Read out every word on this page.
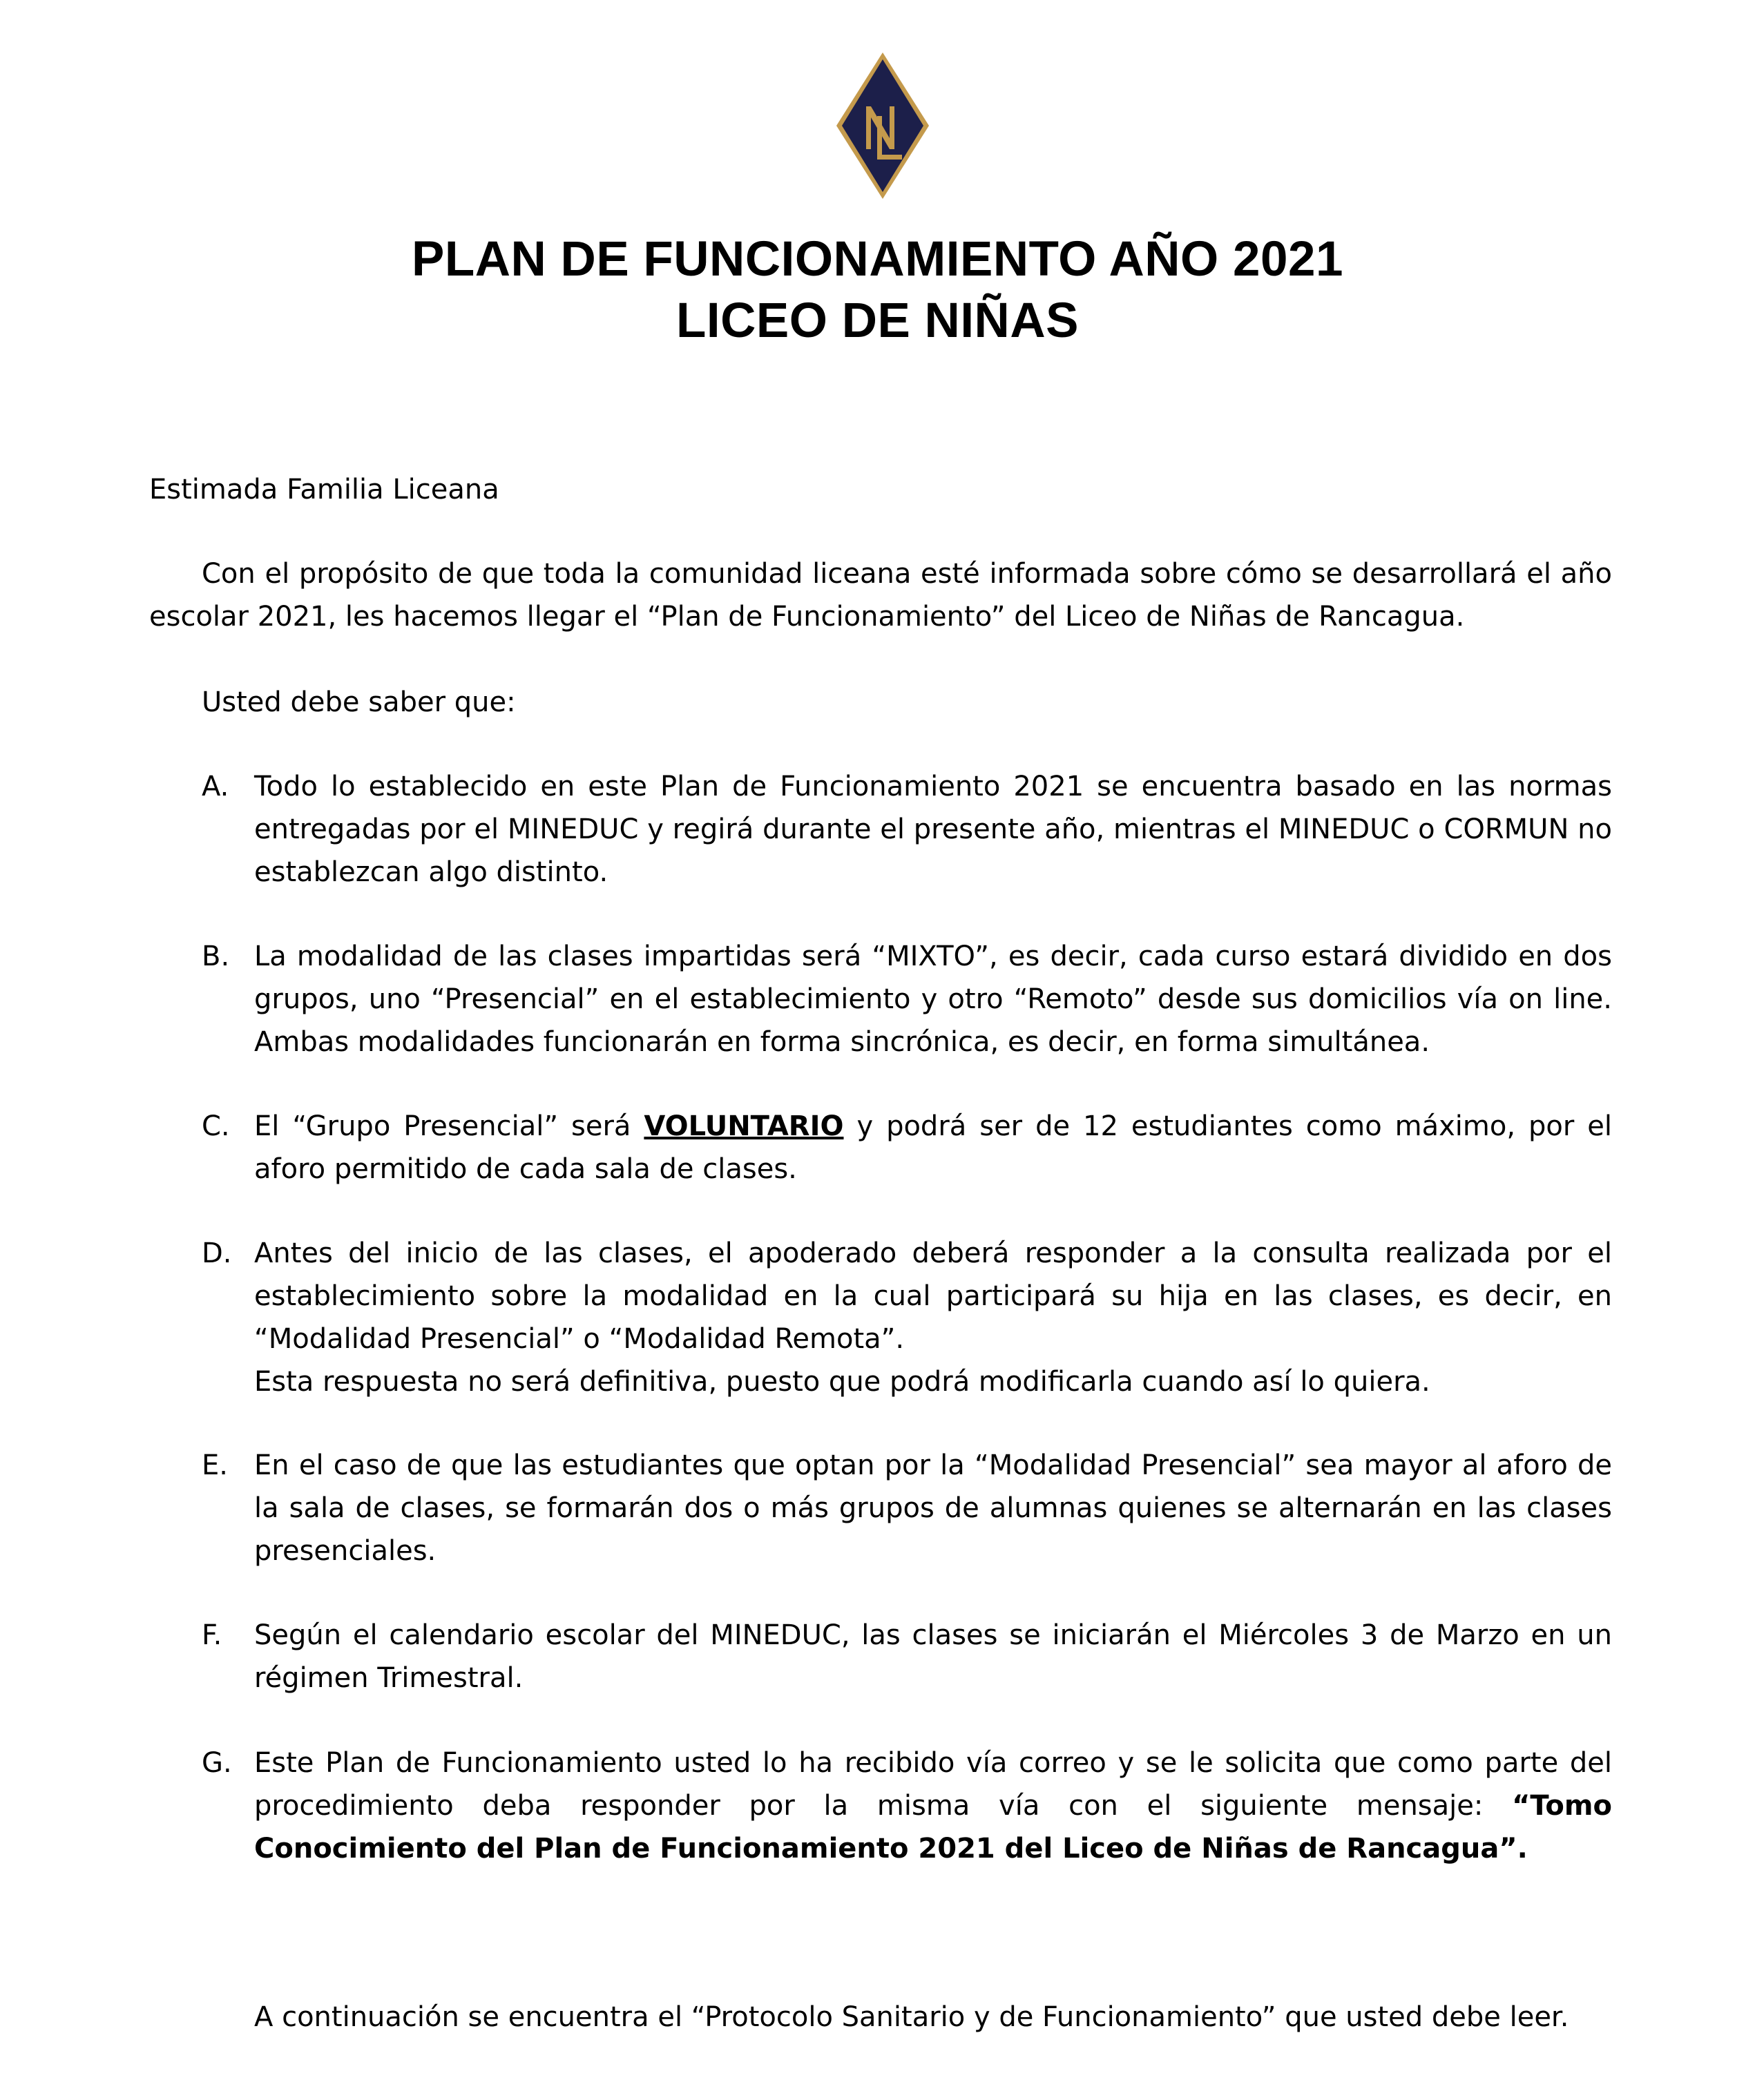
PLAN DE FUNCIONAMIENTO AÑO 2021
LICEO DE NIÑAS
Estimada Familia Liceana

Con el propósito de que toda la comunidad liceana esté informada sobre cómo se desarrollará el año escolar 2021, les hacemos llegar el “Plan de Funcionamiento” del Liceo de Niñas de Rancagua.

Usted debe saber que:
A. Todo lo establecido en este Plan de Funcionamiento 2021 se encuentra basado en las normas entregadas por el MINEDUC y regirá durante el presente año, mientras el MINEDUC o CORMUN no establezcan algo distinto.

B. La modalidad de las clases impartidas será “MIXTO”, es decir, cada curso estará dividido en dos grupos, uno “Presencial” en el establecimiento y otro “Remoto” desde sus domicilios vía on line. Ambas modalidades funcionarán en forma sincrónica, es decir, en forma simultánea.

C. El “Grupo Presencial” será VOLUNTARIO y podrá ser de 12 estudiantes como máximo, por el aforo permitido de cada sala de clases.

D. Antes del inicio de las clases, el apoderado deberá responder a la consulta realizada por el establecimiento sobre la modalidad en la cual participará su hija en las clases, es decir, en “Modalidad Presencial” o “Modalidad Remota”.

Esta respuesta no será definitiva, puesto que podrá modificarla cuando así lo quiera.

E. En el caso de que las estudiantes que optan por la “Modalidad Presencial” sea mayor al aforo de la sala de clases, se formarán dos o más grupos de alumnas quienes se alternarán en las clases presenciales.

F. Según el calendario escolar del MINEDUC, las clases se iniciarán el Miércoles 3 de Marzo en un régimen Trimestral.

G. Este Plan de Funcionamiento usted lo ha recibido vía correo y se le solicita que como parte del procedimiento deba responder por la misma vía con el siguiente mensaje: “Tomo Conocimiento del Plan de Funcionamiento 2021 del Liceo de Niñas de Rancagua”.

A continuación se encuentra el “Protocolo Sanitario y de Funcionamiento” que usted debe leer.
